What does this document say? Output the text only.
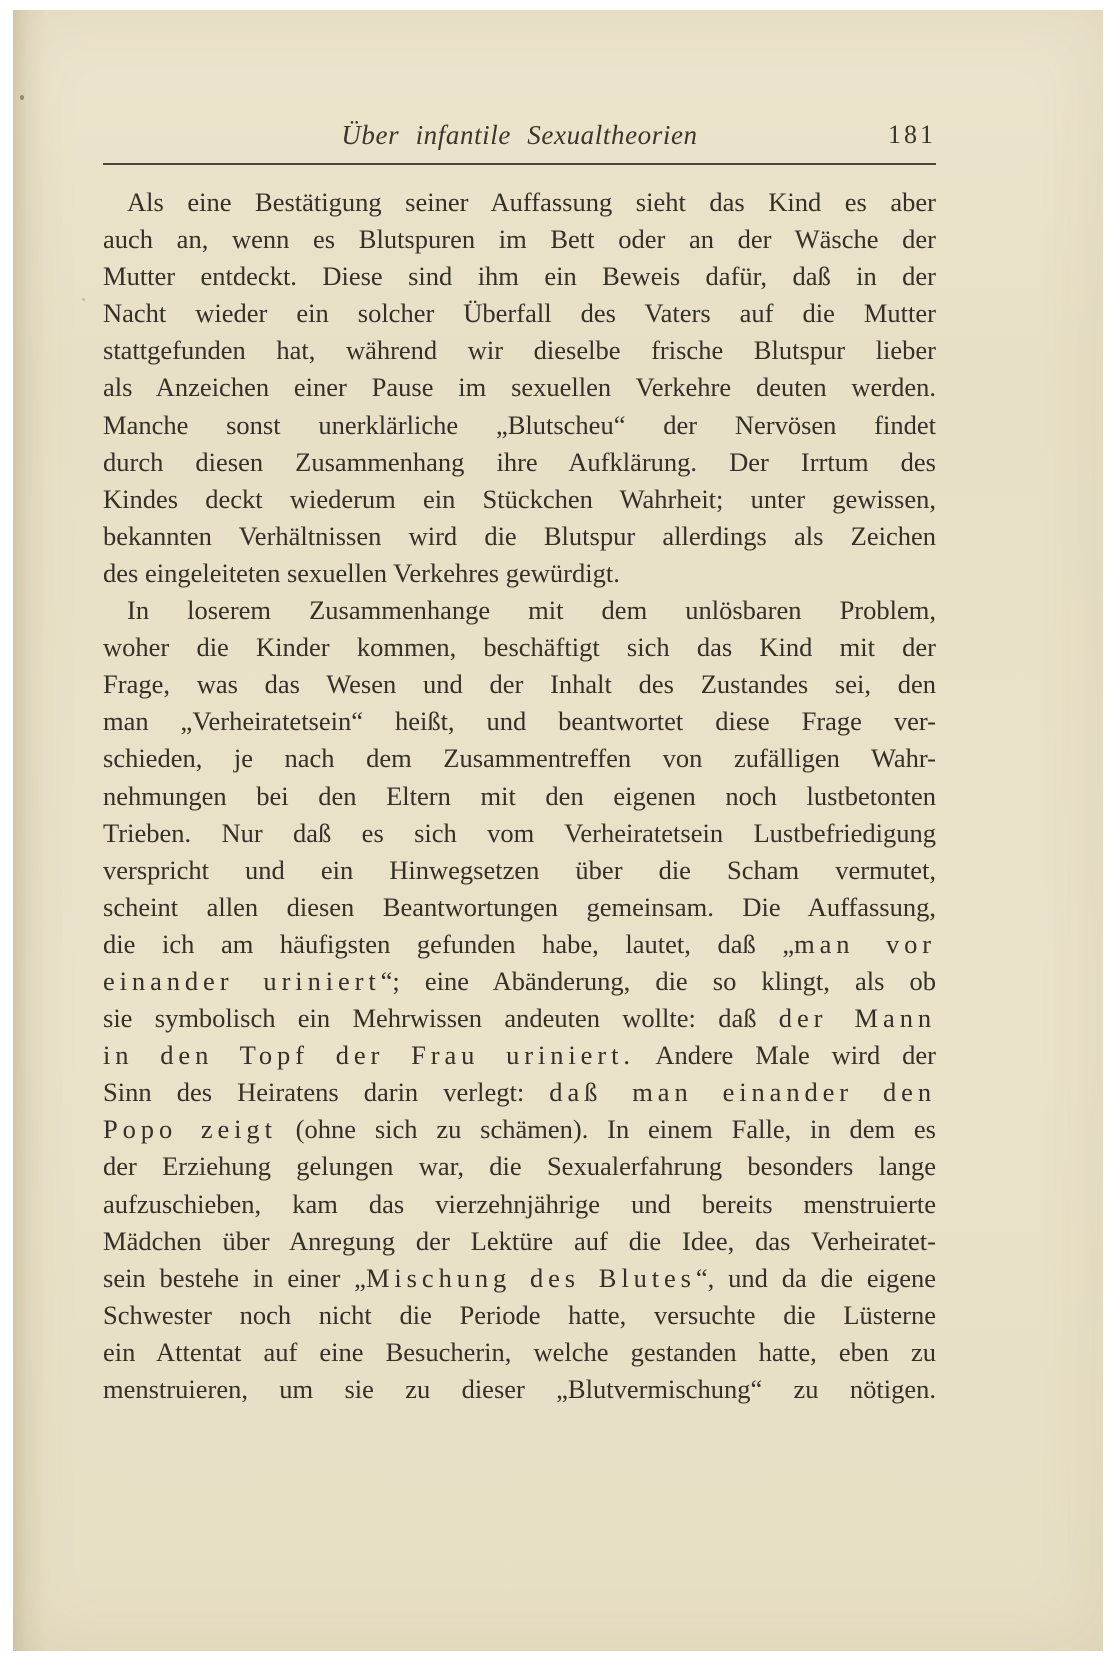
Über infantile Sexualtheorien	181
Als eine Bestätigung seiner Auffassung sieht das Kind es aber
auch an, wenn es Blutspuren im Bett oder an der Wäsche der
Mutter entdeckt. Diese sind ihm ein Beweis dafür, daß in der
Nacht wieder ein solcher Überfall des Vaters auf die Mutter
stattgefunden hat, während wir dieselbe frische Blutspur lieber
als Anzeichen einer Pause im sexuellen Verkehre deuten werden.
Manche sonst unerklärliche „Blutscheu“ der Nervösen findet
durch diesen Zusammenhang ihre Aufklärung. Der Irrtum des
Kindes deckt wiederum ein Stückchen Wahrheit; unter gewissen,
bekannten Verhältnissen wird die Blutspur allerdings als Zeichen
des eingeleiteten sexuellen Verkehres gewürdigt.
In loserem Zusammenhange mit dem unlösbaren Problem,
woher die Kinder kommen, beschäftigt sich das Kind mit der
Frage, was das Wesen und der Inhalt des Zustandes sei, den
man „Verheiratetsein“ heißt, und beantwortet diese Frage ver-
schieden, je nach dem Zusammentreffen von zufälligen Wahr-
nehmungen bei den Eltern mit den eigenen noch lustbetonten
Trieben. Nur daß es sich vom Verheiratetsein Lustbefriedigung
verspricht und ein Hinwegsetzen über die Scham vermutet,
scheint allen diesen Beantwortungen gemeinsam. Die Auffassung,
die ich am häufigsten gefunden habe, lautet, daß „man vor
einander uriniert“; eine Abänderung, die so klingt, als ob
sie symbolisch ein Mehrwissen andeuten wollte: daß der Mann
in den Topf der Frau uriniert. Andere Male wird der
Sinn des Heiratens darin verlegt: daß man einander den
Popo zeigt (ohne sich zu schämen). In einem Falle, in dem es
der Erziehung gelungen war, die Sexualerfahrung besonders lange
aufzuschieben, kam das vierzehnjährige und bereits menstruierte
Mädchen über Anregung der Lektüre auf die Idee, das Verheiratet-
sein bestehe in einer „Mischung des Blutes“, und da die eigene
Schwester noch nicht die Periode hatte, versuchte die Lüsterne
ein Attentat auf eine Besucherin, welche gestanden hatte, eben zu
menstruieren, um sie zu dieser „Blutvermischung“ zu nötigen.
